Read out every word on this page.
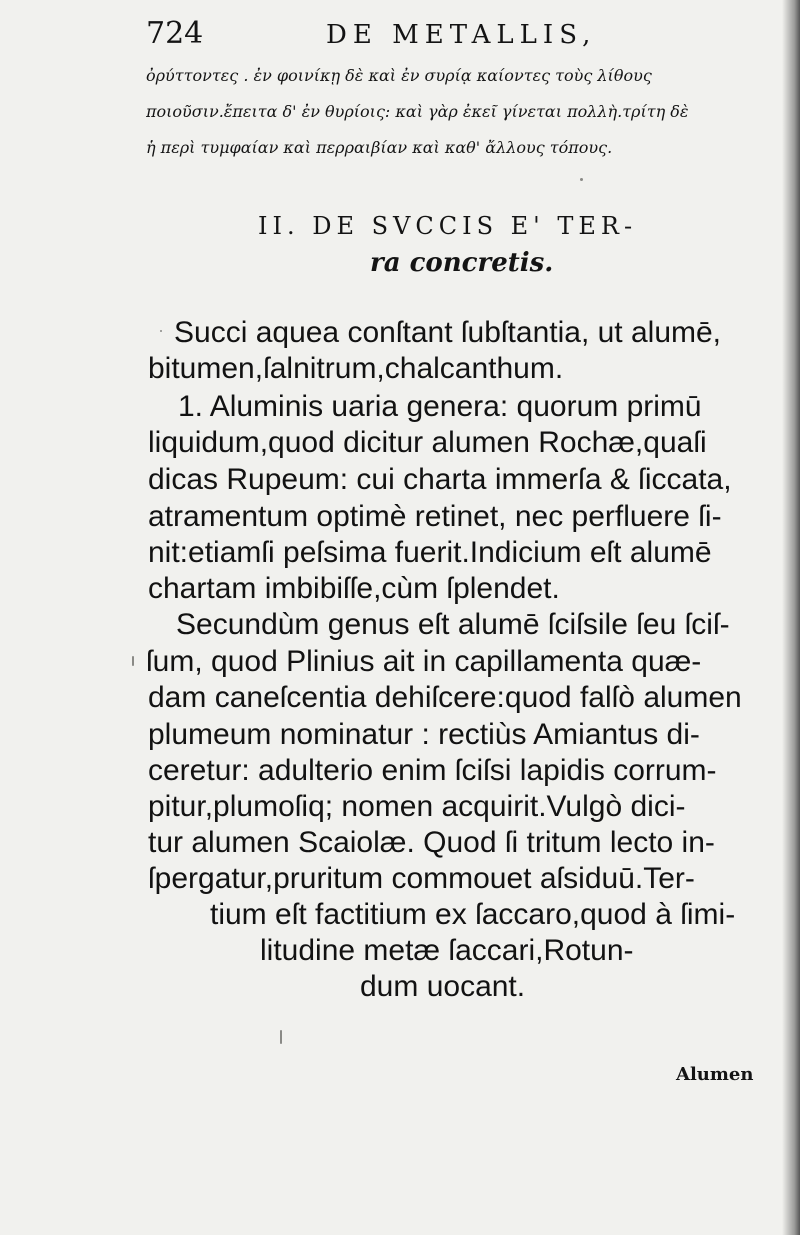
724	DE METALLIS,
ὀρύττοντες . ἐν φοινίκῃ δὲ καὶ ἐν συρίᾳ καίοντες τοὺς λίθους
ποιοῦσιν.ἔπειτα δ' ἐν θυρίοις: καὶ γὰρ ἐκεῖ γίνεται πολλὴ.τρίτη δὲ
ἡ περὶ τυμφαίαν καὶ περραιβίαν καὶ καθ' ἄλλους τόπους.
II. DE SVCCIS E' TER-
ra concretis.
Succi aquea conſtant ſubſtantia, ut alumē,
bitumen,ſalnitrum,chalcanthum.
1. Aluminis uaria genera: quorum primū
liquidum,quod dicitur alumen Rochæ,quaſi
dicas Rupeum: cui charta immerſa & ſiccata,
atramentum optimè retinet, nec perfluere ſi-
nit:etiamſi peſsima fuerit.Indicium eſt alumē
chartam imbibiſſe,cùm ſplendet.
Secundùm genus eſt alumē ſciſsile ſeu ſciſ-
ſum, quod Plinius ait in capillamenta quæ-
dam caneſcentia dehiſcere:quod falſò alumen
plumeum nominatur : rectiùs Amiantus di-
ceretur: adulterio enim ſciſsi lapidis corrum-
pitur,plumoſiq; nomen acquirit.Vulgò dici-
tur alumen Scaiolæ. Quod ſi tritum lecto in-
ſpergatur,pruritum commouet aſsiduū.Ter-
tium eſt factitium ex ſaccaro,quod à ſimi-
litudine metæ ſaccari,Rotun-
dum uocant.
Alumen
